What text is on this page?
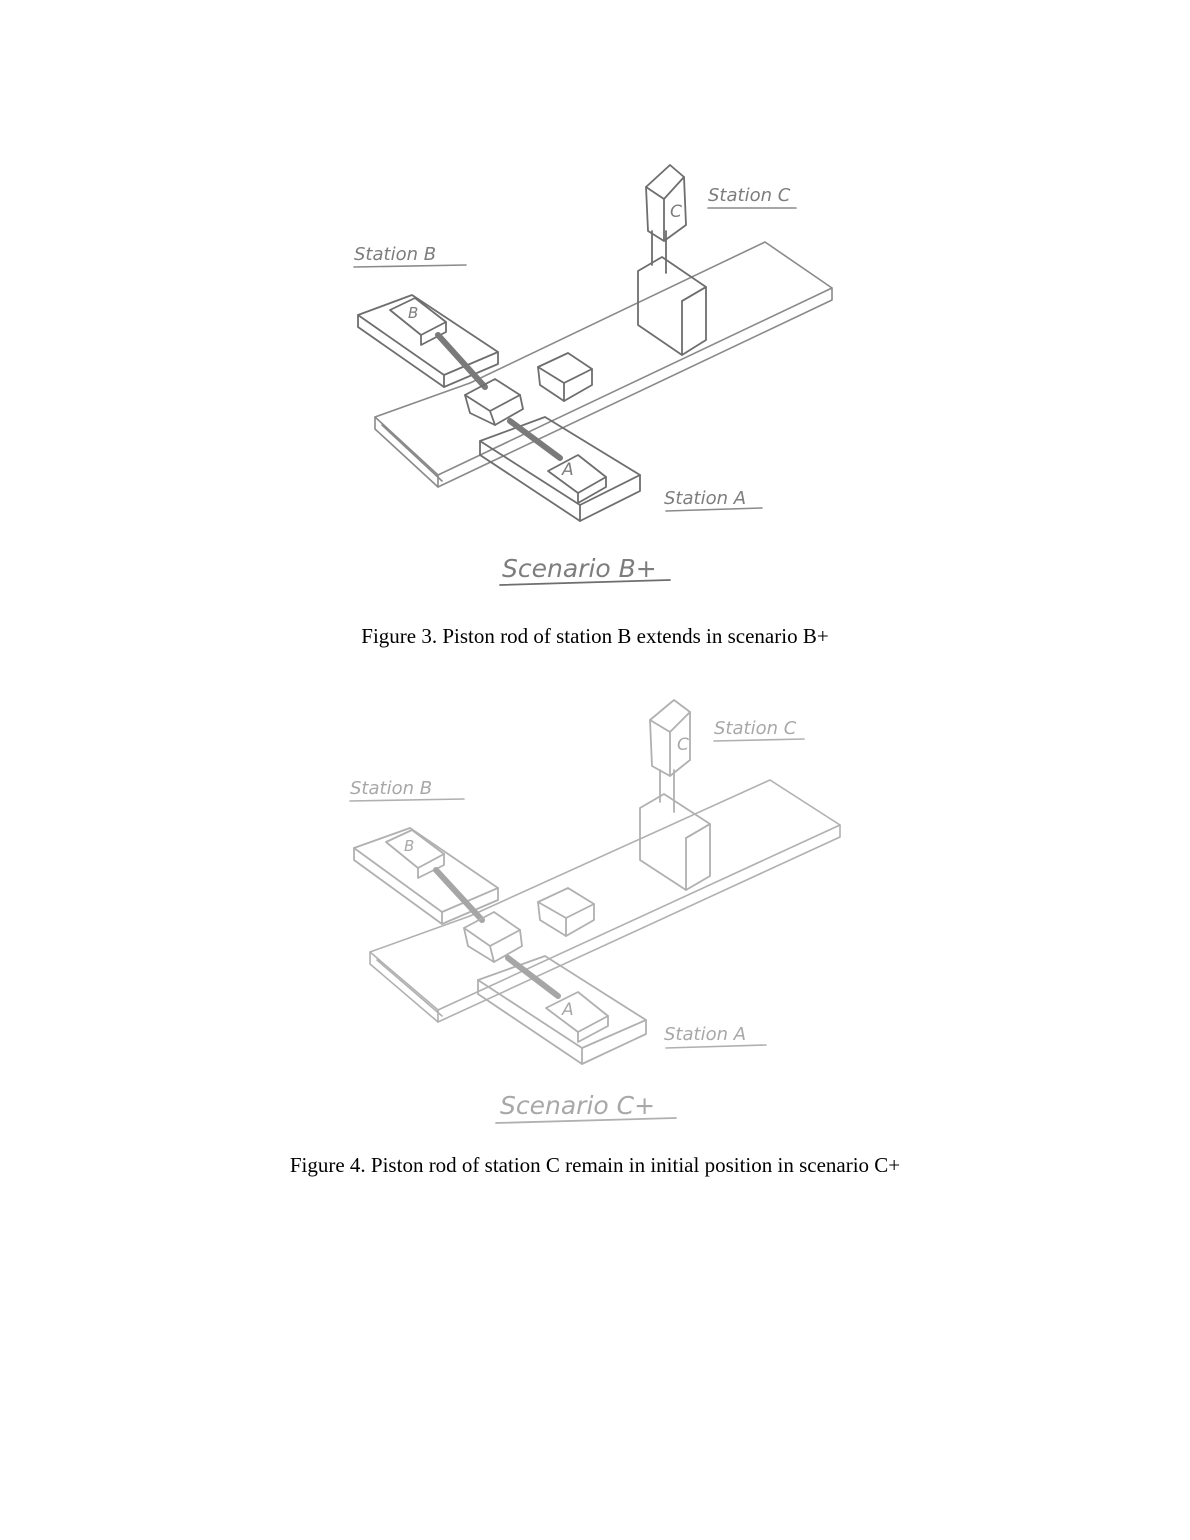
B
A
C
Station C
Station B
Station A
Scenario B+
Figure 3. Piston rod of station B extends in scenario B+
B
A
C
Station C
Station B
Station A
Scenario C+
Figure 4. Piston rod of station C remain in initial position in scenario C+
